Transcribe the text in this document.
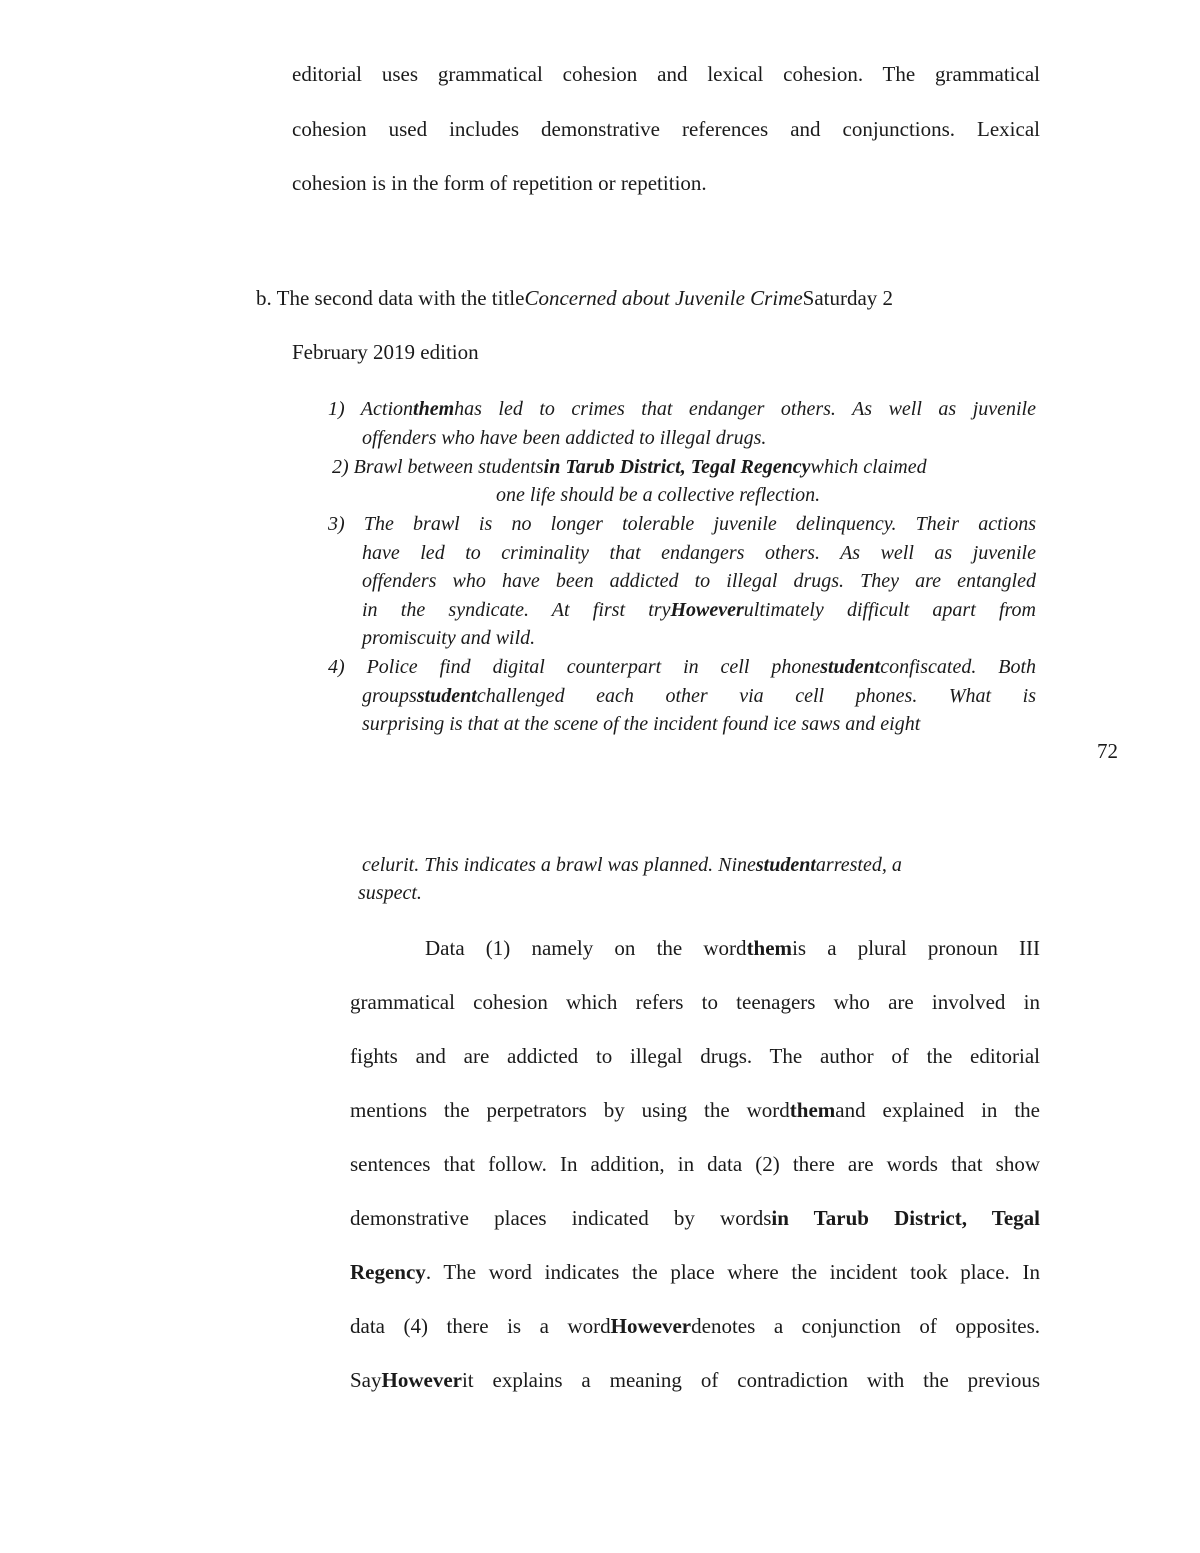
editorial uses grammatical cohesion and lexical cohesion. The grammatical
cohesion used includes demonstrative references and conjunctions. Lexical
cohesion is in the form of repetition or repetition.
b. The second data with the titleConcerned about Juvenile CrimeSaturday 2
February 2019 edition
1) Actionthemhas led to crimes that endanger others. As well as juvenile
offenders who have been addicted to illegal drugs.
2) Brawl between studentsin Tarub District, Tegal Regencywhich claimed
one life should be a collective reflection.
3) The brawl is no longer tolerable juvenile delinquency. Their actions
have led to criminality that endangers others. As well as juvenile
offenders who have been addicted to illegal drugs. They are entangled
in the syndicate. At first tryHoweverultimately difficult apart from
promiscuity and wild.
4) Police find digital counterpart in cell phonestudentconfiscated. Both
groupsstudentchallenged each other via cell phones. What is
surprising is that at the scene of the incident found ice saws and eight
72
celurit. This indicates a brawl was planned. Ninestudentarrested, a
suspect.
Data (1) namely on the wordthemis a plural pronoun III
grammatical cohesion which refers to teenagers who are involved in
fights and are addicted to illegal drugs. The author of the editorial
mentions the perpetrators by using the wordthemand explained in the
sentences that follow. In addition, in data (2) there are words that show
demonstrative places indicated by wordsin Tarub District, Tegal
Regency. The word indicates the place where the incident took place. In
data (4) there is a wordHoweverdenotes a conjunction of opposites.
SayHoweverit explains a meaning of contradiction with the previous
